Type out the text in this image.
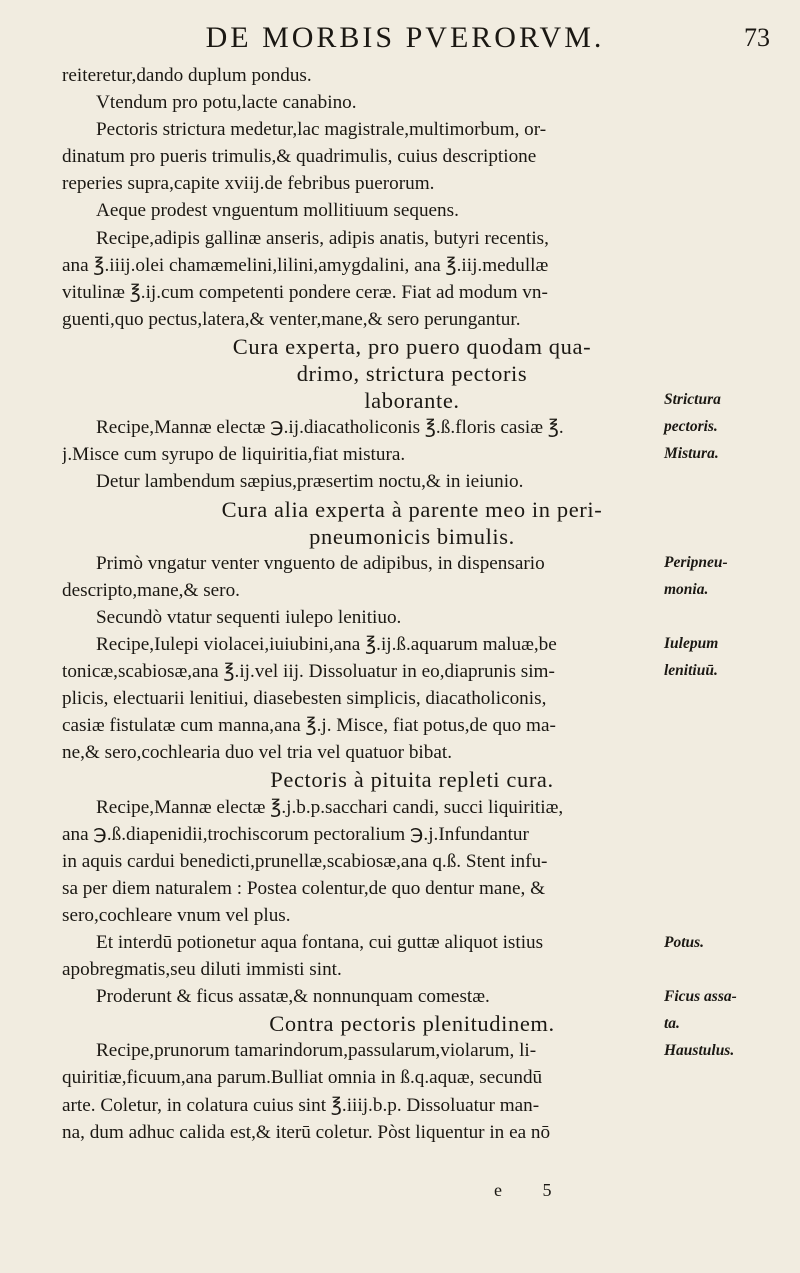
DE MORBIS PVERORVM.	73
reiteretur,dando duplum pondus.
Vtendum pro potu,lacte canabino.
Pectoris strictura medetur,lac magistrale,multimorbum, or-
dinatum pro pueris trimulis,& quadrimulis, cuius descriptione
reperies supra,capite xviij.de febribus puerorum.
Aeque prodest vnguentum mollitiuum sequens.
Recipe,adipis gallinæ anseris, adipis anatis, butyri recentis,
ana ℥.iiij.olei chamæmelini,lilini,amygdalini, ana ℥.iij.medullæ
vitulinæ ℥.ij.cum competenti pondere ceræ. Fiat ad modum vn-
guenti,quo pectus,latera,& venter,mane,& sero perungantur.
Cura experta, pro puero quodam qua-
drimo, strictura pectoris
laborante.
Recipe,Mannæ electæ ℈.ij.diacatholiconis ℥.ß.floris casiæ ℥.
j.Misce cum syrupo de liquiritia,fiat mistura.
Detur lambendum sæpius,præsertim noctu,& in ieiunio.
Cura alia experta à parente meo in peri-
pneumonicis bimulis.
Primò vngatur venter vnguento de adipibus, in dispensario
descripto,mane,& sero.
Secundò vtatur sequenti iulepo lenitiuo.
Recipe,Iulepi violacei,iuiubini,ana ℥.ij.ß.aquarum maluæ,be
tonicæ,scabiosæ,ana ℥.ij.vel iij. Dissoluatur in eo,diaprunis sim-
plicis, electuarii lenitiui, diasebesten simplicis, diacatholiconis,
casiæ fistulatæ cum manna,ana ℥.j. Misce, fiat potus,de quo ma-
ne,& sero,cochlearia duo vel tria vel quatuor bibat.
Pectoris à pituita repleti cura.
Recipe,Mannæ electæ ℥.j.b.p.sacchari candi, succi liquiritiæ,
ana ℈.ß.diapenidii,trochiscorum pectoralium ℈.j.Infundantur
in aquis cardui benedicti,prunellæ,scabiosæ,ana q.ß. Stent infu-
sa per diem naturalem : Postea colentur,de quo dentur mane, &
sero,cochleare vnum vel plus.
Et interdū potionetur aqua fontana, cui guttæ aliquot istius
apobregmatis,seu diluti immisti sint.
Proderunt & ficus assatæ,& nonnunquam comestæ.
Contra pectoris plenitudinem.
Recipe,prunorum tamarindorum,passularum,violarum, li-
quiritiæ,ficuum,ana parum.Bulliat omnia in ß.q.aquæ, secundū
arte. Coletur, in colatura cuius sint ℥.iiij.b.p. Dissoluatur man-
na, dum adhuc calida est,& iterū coletur. Pòst liquentur in ea nō
Strictura
pectoris.
Mistura.
Peripneu-
monia.
Iulepum
lenitiuū.
Potus.
Ficus assa-
ta.
Haustulus.
e 5
